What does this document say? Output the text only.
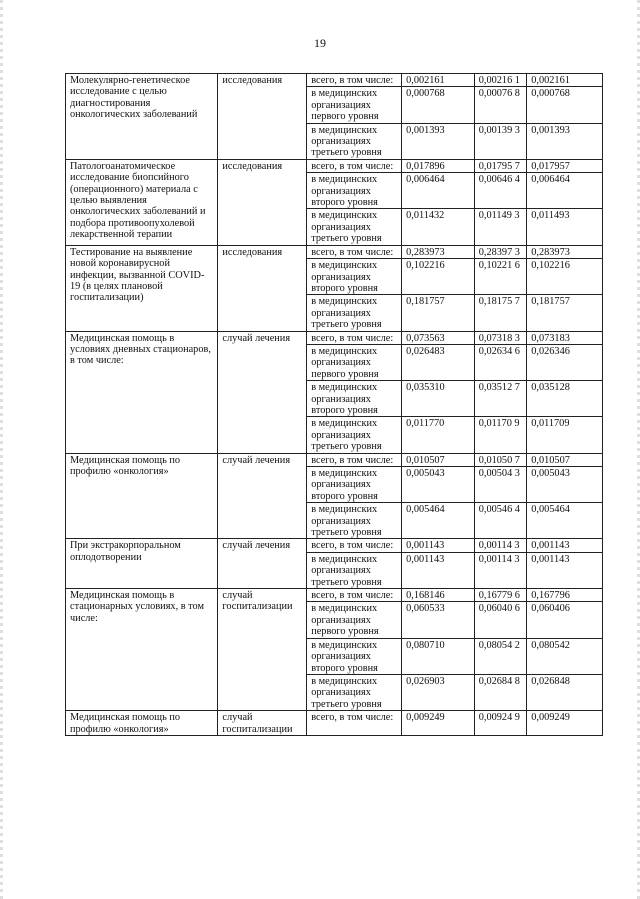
19
Молекулярно-генетическое исследование с целью диагностирования онкологических заболеваний	исследования	всего, в том числе:	0,002161	0,00216 1	0,002161
		в медицинских организациях первого уровня	0,000768	0,00076 8	0,000768
		в медицинских организациях третьего уровня	0,001393	0,00139 3	0,001393
Патологоанатомическое исследование биопсийного (операционного) материала с целью выявления онкологических заболеваний и подбора противоопухолевой лекарственной терапии	исследования	всего, в том числе:	0,017896	0,01795 7	0,017957
		в медицинских организациях второго уровня	0,006464	0,00646 4	0,006464
		в медицинских организациях третьего уровня	0,011432	0,01149 3	0,011493
Тестирование на выявление новой коронавирусной инфекции, вызванной COVID-19 (в целях плановой госпитализации)	исследования	всего, в том числе:	0,283973	0,28397 3	0,283973
		в медицинских организациях второго уровня	0,102216	0,10221 6	0,102216
		в медицинских организациях третьего уровня	0,181757	0,18175 7	0,181757
Медицинская помощь в условиях дневных стационаров, в том числе:	случай лечения	всего, в том числе:	0,073563	0,07318 3	0,073183
		в медицинских организациях первого уровня	0,026483	0,02634 6	0,026346
		в медицинских организациях второго уровня	0,035310	0,03512 7	0,035128
		в медицинских организациях третьего уровня	0,011770	0,01170 9	0,011709
Медицинская помощь по профилю «онкология»	случай лечения	всего, в том числе:	0,010507	0,01050 7	0,010507
		в медицинских организациях второго уровня	0,005043	0,00504 3	0,005043
		в медицинских организациях третьего уровня	0,005464	0,00546 4	0,005464
При экстракорпоральном оплодотворении	случай лечения	всего, в том числе:	0,001143	0,00114 3	0,001143
		в медицинских организациях третьего уровня	0,001143	0,00114 3	0,001143
Медицинская помощь в стационарных условиях, в том числе:	случай госпитализации	всего, в том числе:	0,168146	0,16779 6	0,167796
		в медицинских организациях первого уровня	0,060533	0,06040 6	0,060406
		в медицинских организациях второго уровня	0,080710	0,08054 2	0,080542
		в медицинских организациях третьего уровня	0,026903	0,02684 8	0,026848
Медицинская помощь по профилю «онкология»	случай госпитализации	всего, в том числе:	0,009249	0,00924 9	0,009249
